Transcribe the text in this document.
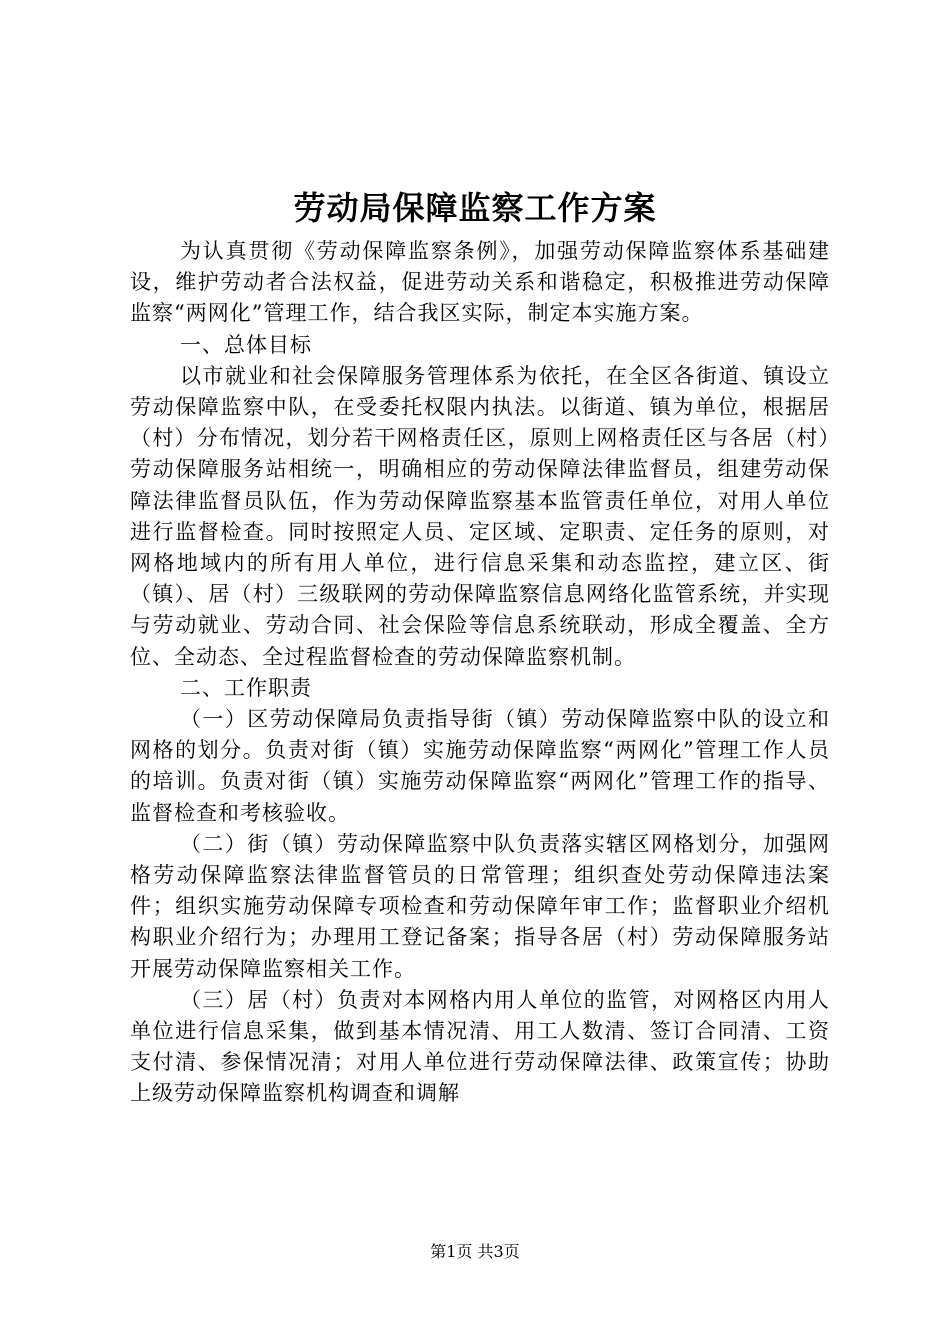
劳动局保障监察工作方案

为认真贯彻《劳动保障监察条例》，加强劳动保障监察体系基础建设，维护劳动者合法权益，促进劳动关系和谐稳定，积极推进劳动保障监察“两网化”管理工作，结合我区实际，制定本实施方案。

一、总体目标

以市就业和社会保障服务管理体系为依托，在全区各街道、镇设立劳动保障监察中队，在受委托权限内执法。以街道、镇为单位，根据居（村）分布情况，划分若干网格责任区，原则上网格责任区与各居（村）劳动保障服务站相统一，明确相应的劳动保障法律监督员，组建劳动保障法律监督员队伍，作为劳动保障监察基本监管责任单位，对用人单位进行监督检查。同时按照定人员、定区域、定职责、定任务的原则，对网格地域内的所有用人单位，进行信息采集和动态监控，建立区、街（镇）、居（村）三级联网的劳动保障监察信息网络化监管系统，并实现与劳动就业、劳动合同、社会保险等信息系统联动，形成全覆盖、全方位、全动态、全过程监督检查的劳动保障监察机制。

二、工作职责

（一）区劳动保障局负责指导街（镇）劳动保障监察中队的设立和网格的划分。负责对街（镇）实施劳动保障监察“两网化”管理工作人员的培训。负责对街（镇）实施劳动保障监察“两网化”管理工作的指导、监督检查和考核验收。

（二）街（镇）劳动保障监察中队负责落实辖区网格划分，加强网格劳动保障监察法律监督管员的日常管理；组织查处劳动保障违法案件；组织实施劳动保障专项检查和劳动保障年审工作；监督职业介绍机构职业介绍行为；办理用工登记备案；指导各居（村）劳动保障服务站开展劳动保障监察相关工作。

（三）居（村）负责对本网格内用人单位的监管，对网格区内用人单位进行信息采集，做到基本情况清、用工人数清、签订合同清、工资支付清、参保情况清；对用人单位进行劳动保障法律、政策宣传；协助上级劳动保障监察机构调查和调解

第1页 共3页
